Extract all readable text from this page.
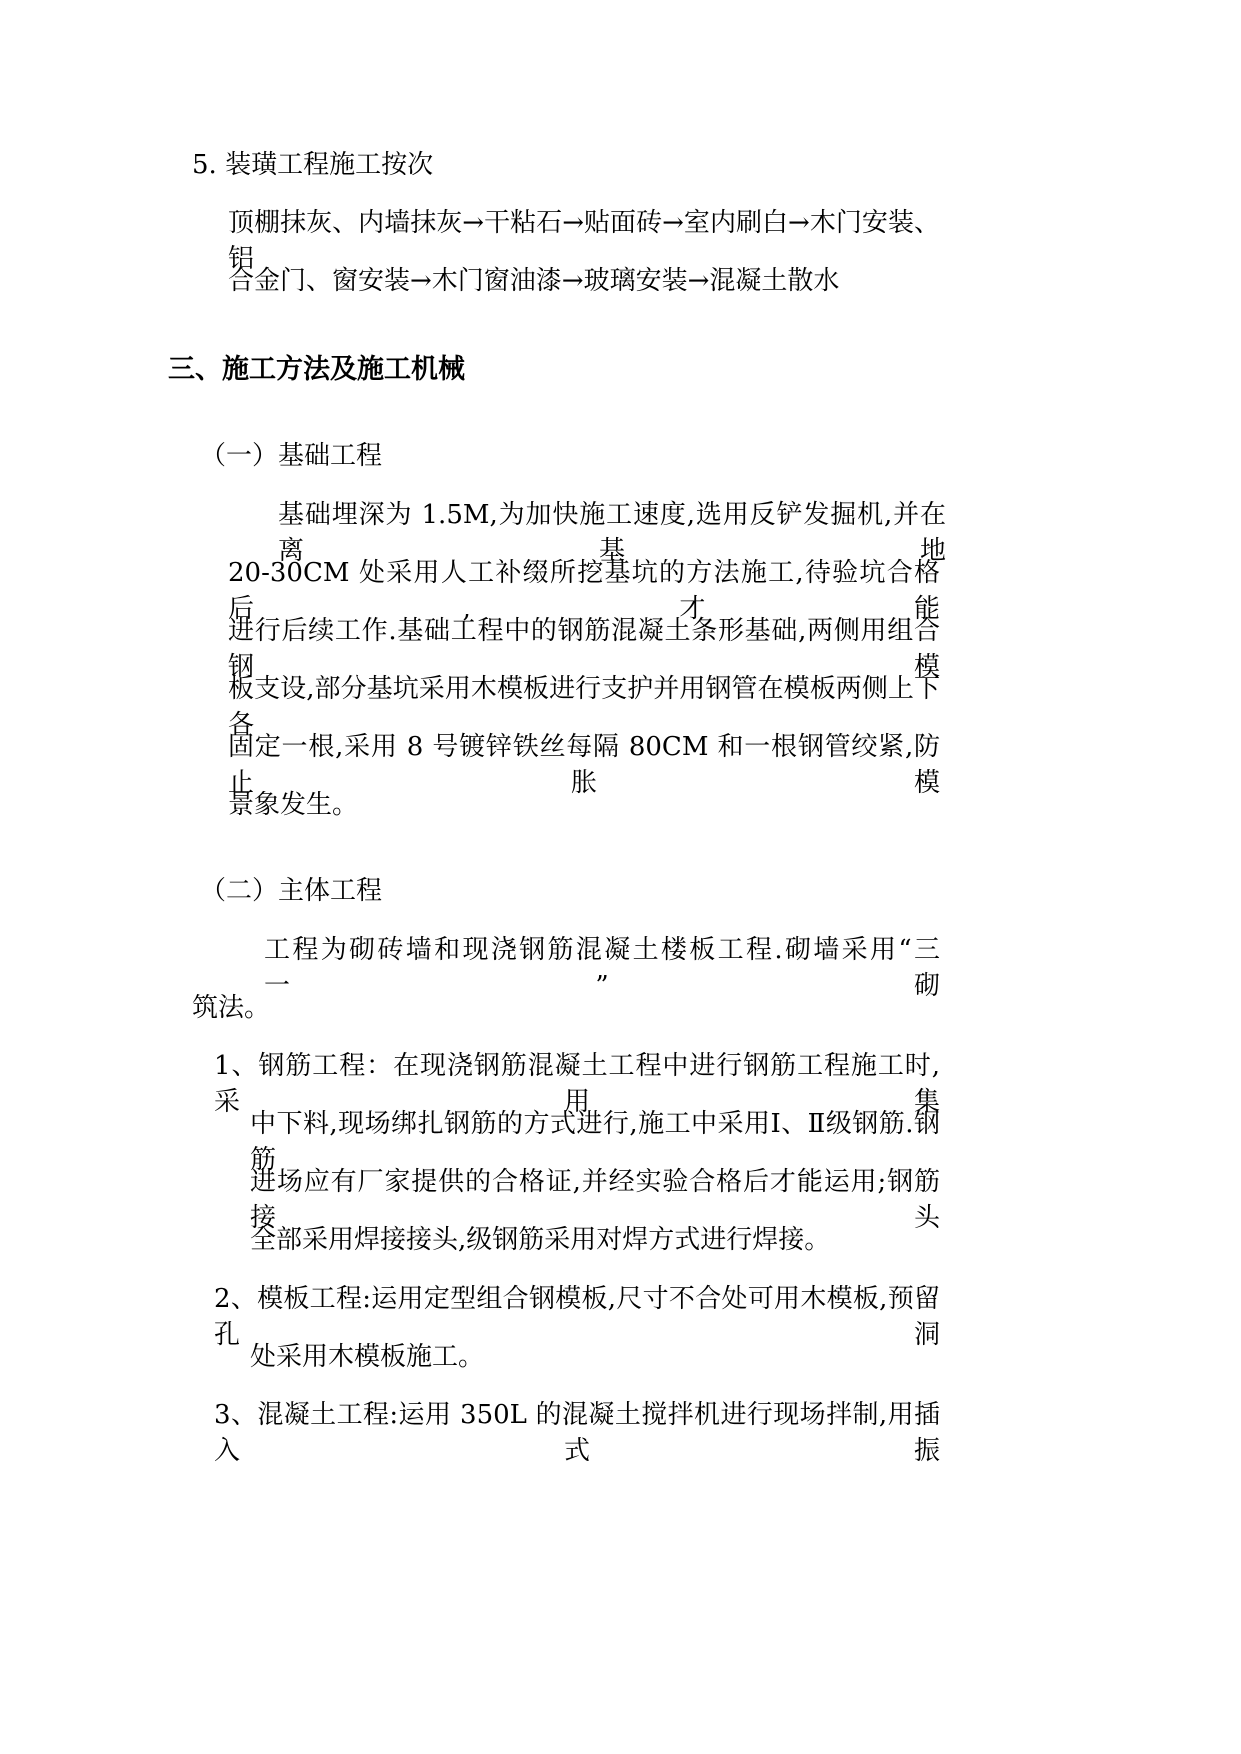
5. 装璜工程施工按次
顶棚抹灰、内墙抹灰→干粘石→贴面砖→室内刷白→木门安装、铝
合金门、窗安装→木门窗油漆→玻璃安装→混凝土散水
三、施工方法及施工机械
（一）基础工程
基础埋深为 1.5M,为加快施工速度,选用反铲发掘机,并在离基地
20-30CM 处采用人工补缀所挖基坑的方法施工,待验坑合格后,才能
进行后续工作.基础工程中的钢筋混凝土条形基础,两侧用组合钢模
板支设,部分基坑采用木模板进行支护并用钢管在模板两侧上下各
固定一根,采用 8 号镀锌铁丝每隔 80CM 和一根钢管绞紧,防止胀模
景象发生。
（二）主体工程
工程为砌砖墙和现浇钢筋混凝土楼板工程.砌墙采用“三一”砌
筑法。
1、钢筋工程：在现浇钢筋混凝土工程中进行钢筋工程施工时,采用集
中下料,现场绑扎钢筋的方式进行,施工中采用Ⅰ、Ⅱ级钢筋.钢筋
进场应有厂家提供的合格证,并经实验合格后才能运用;钢筋接头
全部采用焊接接头,级钢筋采用对焊方式进行焊接。
2、模板工程:运用定型组合钢模板,尺寸不合处可用木模板,预留孔洞
处采用木模板施工。
3、混凝土工程:运用 350L 的混凝土搅拌机进行现场拌制,用插入式振
